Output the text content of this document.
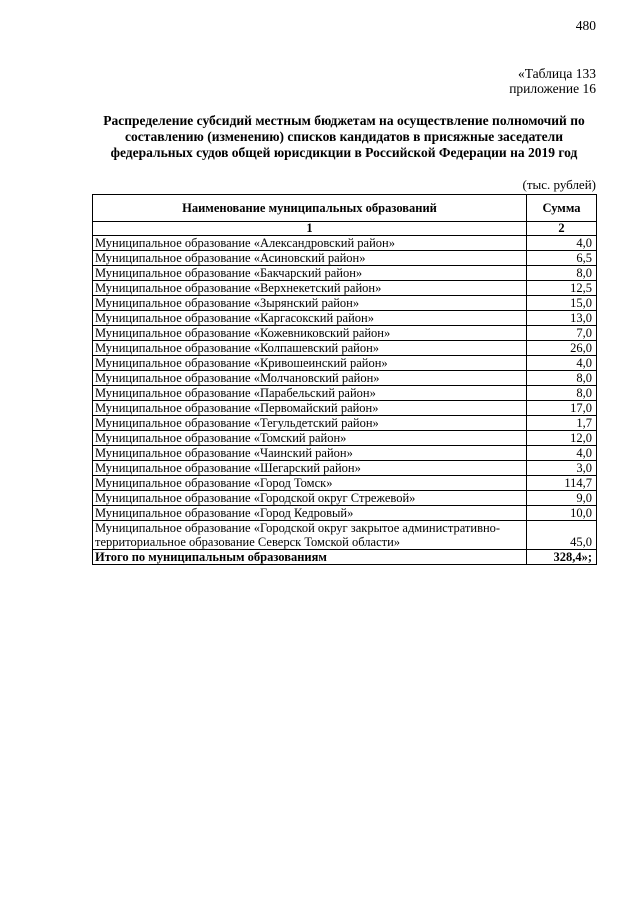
480
«Таблица 133
приложение 16
Распределение субсидий местным бюджетам на осуществление полномочий по составлению (изменению) списков кандидатов в присяжные заседатели федеральных судов общей юрисдикции в Российской Федерации на 2019 год
(тыс. рублей)
Наименование муниципальных образований	Сумма
1	2
Муниципальное образование «Александровский район»	4,0
Муниципальное образование «Асиновский район»	6,5
Муниципальное образование «Бакчарский район»	8,0
Муниципальное образование «Верхнекетский район»	12,5
Муниципальное образование «Зырянский район»	15,0
Муниципальное образование «Каргасокский район»	13,0
Муниципальное образование «Кожевниковский район»	7,0
Муниципальное образование «Колпашевский район»	26,0
Муниципальное образование «Кривошеинский район»	4,0
Муниципальное образование «Молчановский район»	8,0
Муниципальное образование «Парабельский район»	8,0
Муниципальное образование «Первомайский район»	17,0
Муниципальное образование «Тегульдетский район»	1,7
Муниципальное образование «Томский район»	12,0
Муниципальное образование «Чаинский район»	4,0
Муниципальное образование «Шегарский район»	3,0
Муниципальное образование «Город Томск»	114,7
Муниципальное образование «Городской округ Стрежевой»	9,0
Муниципальное образование «Город Кедровый»	10,0
Муниципальное образование «Городской округ закрытое административно-территориальное образование Северск Томской области»	45,0
Итого по муниципальным образованиям	328,4»;
